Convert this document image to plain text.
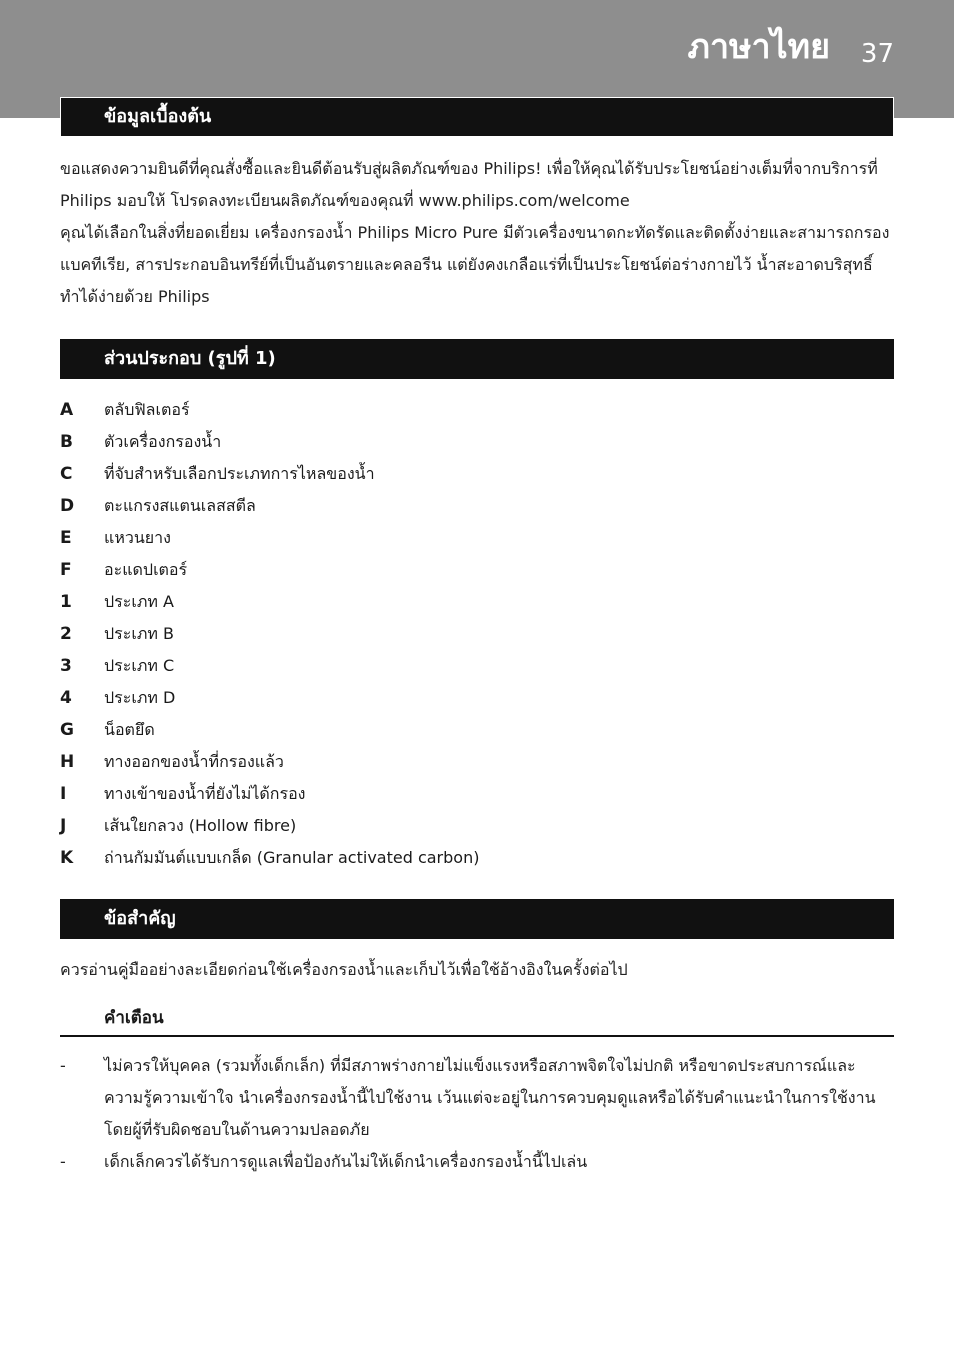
ภาษาไทย 37
ข้อมูลเบื้องต้น

ขอแสดงความยินดีที่คุณสั่งซื้อและยินดีต้อนรับสู่ผลิตภัณฑ์ของ Philips! เพื่อให้คุณได้รับประโยชน์อย่างเต็มที่จากบริการที่ Philips มอบให้ โปรดลงทะเบียนผลิตภัณฑ์ของคุณที่ www.philips.com/welcome

คุณได้เลือกในสิ่งที่ยอดเยี่ยม เครื่องกรองน้ำ Philips Micro Pure มีตัวเครื่องขนาดกะทัดรัดและติดตั้งง่ายและสามารถกรองแบคทีเรีย, สารประกอบอินทรีย์ที่เป็นอันตรายและคลอรีน แต่ยังคงเกลือแร่ที่เป็นประโยชน์ต่อร่างกายไว้ น้ำสะอาดบริสุทธิ์ทำได้ง่ายด้วย Philips

ส่วนประกอบ (รูปที่ 1)
A ตลับฟิลเตอร์
B ตัวเครื่องกรองน้ำ
C ที่จับสำหรับเลือกประเภทการไหลของน้ำ
D ตะแกรงสแตนเลสสตีล
E แหวนยาง
F อะแดปเตอร์
1 ประเภท A
2 ประเภท B
3 ประเภท C
4 ประเภท D
G น็อตยึด
H ทางออกของน้ำที่กรองแล้ว
I ทางเข้าของน้ำที่ยังไม่ได้กรอง
J เส้นใยกลวง (Hollow fibre)
K ถ่านกัมมันต์แบบเกล็ด (Granular activated carbon)
ข้อสำคัญ

ควรอ่านคู่มืออย่างละเอียดก่อนใช้เครื่องกรองน้ำและเก็บไว้เพื่อใช้อ้างอิงในครั้งต่อไป

คำเตือน
-	ไม่ควรให้บุคคล (รวมทั้งเด็กเล็ก) ที่มีสภาพร่างกายไม่แข็งแรงหรือสภาพจิตใจไม่ปกติ หรือขาดประสบการณ์และความรู้ความเข้าใจ นำเครื่องกรองน้ำนี้ไปใช้งาน เว้นแต่จะอยู่ในการควบคุมดูแลหรือได้รับคำแนะนำในการใช้งานโดยผู้ที่รับผิดชอบในด้านความปลอดภัย
-	เด็กเล็กควรได้รับการดูแลเพื่อป้องกันไม่ให้เด็กนำเครื่องกรองน้ำนี้ไปเล่น
